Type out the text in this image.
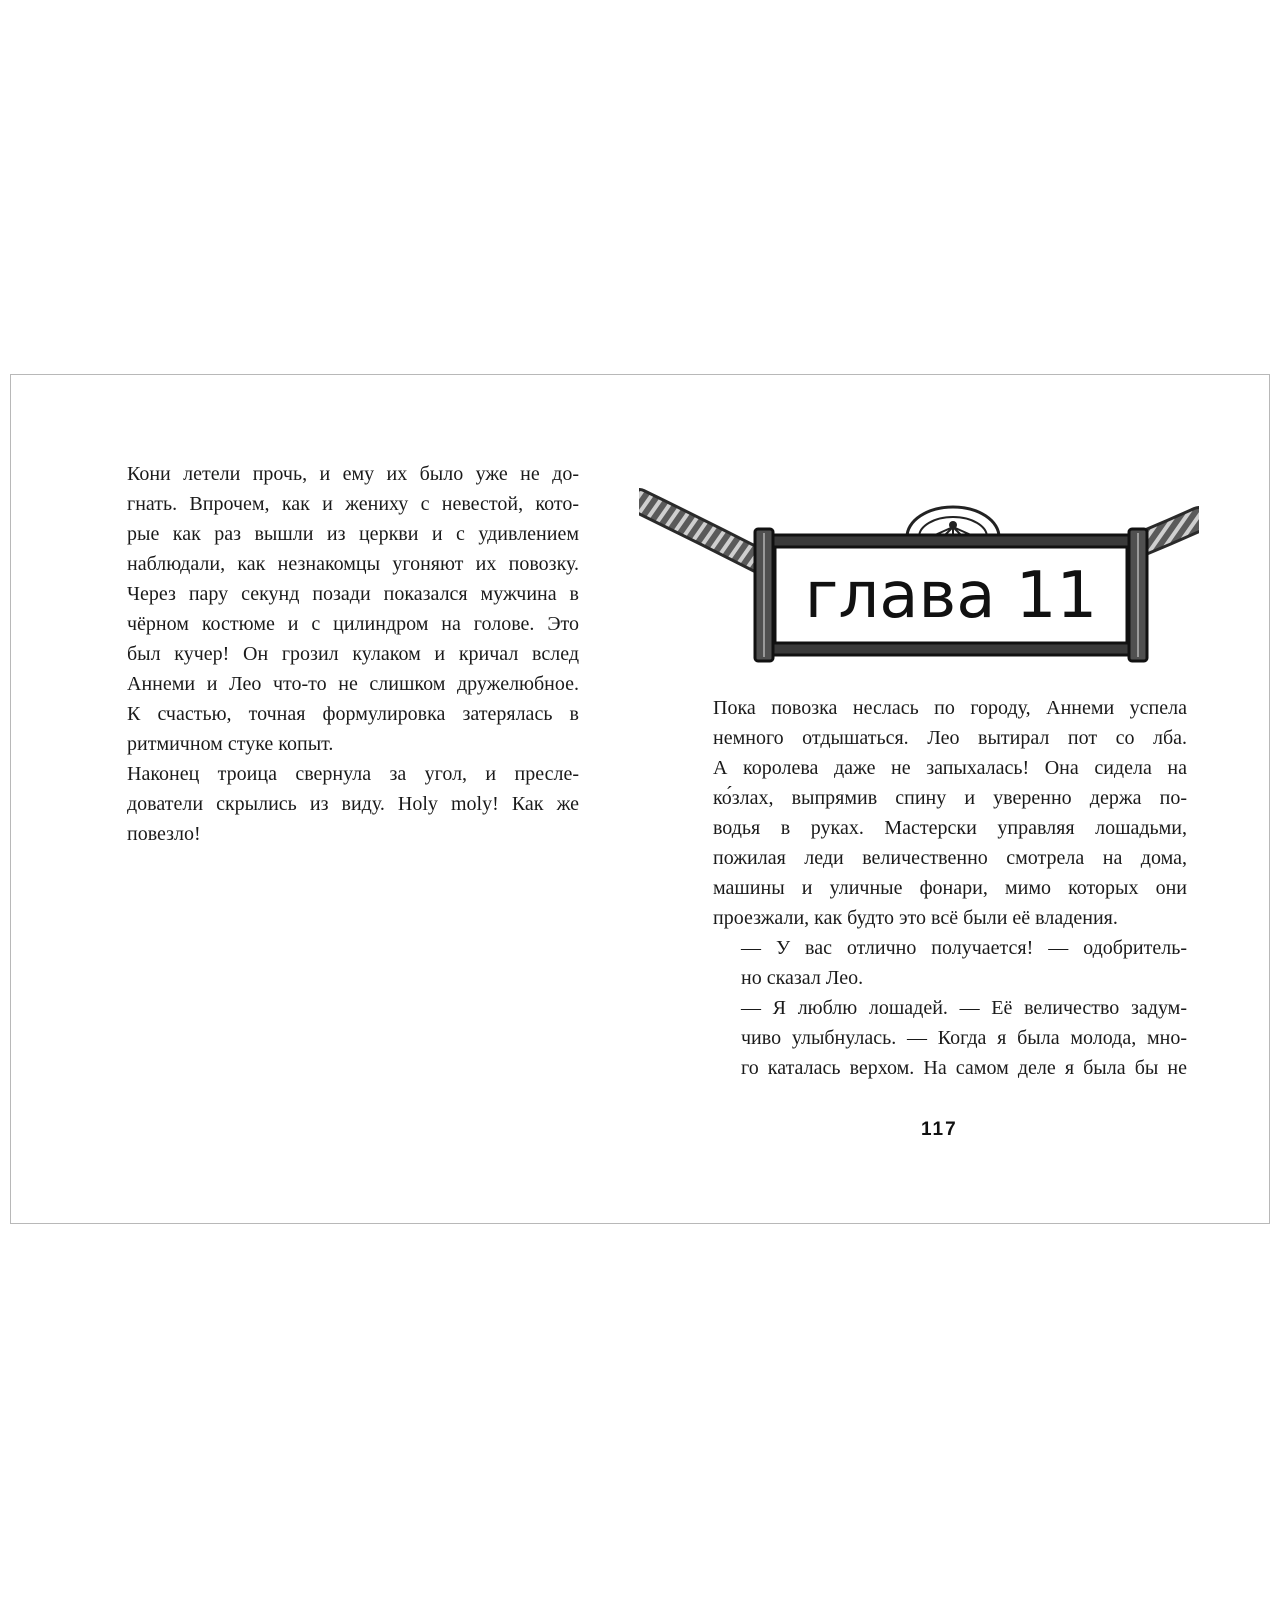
Кони летели прочь, и ему их было уже не до-
гнать. Впрочем, как и жениху с невестой, кото-
рые как раз вышли из церкви и с удивлением
наблюдали, как незнакомцы угоняют их повозку.
Через пару секунд позади показался мужчина в
чёрном костюме и с цилиндром на голове. Это
был кучер! Он грозил кулаком и кричал вслед
Аннеми и Лео что-то не слишком дружелюбное.
К счастью, точная формулировка затерялась в
ритмичном стуке копыт.

Наконец троица свернула за угол, и пресле-
дователи скрылись из виду. Holy moly! Как же
повезло!

глава 11

Пока повозка неслась по городу, Аннеми успела
немного отдышаться. Лео вытирал пот со лба.
А королева даже не запыхалась! Она сидела на
ко́злах, выпрямив спину и уверенно держа по-
водья в руках. Мастерски управляя лошадьми,
пожилая леди величественно смотрела на дома,
машины и уличные фонари, мимо которых они
проезжали, как будто это всё были её владения.

— У вас отлично получается! — одобритель-
но сказал Лео.

— Я люблю лошадей. — Её величество задум-
чиво улыбнулась. — Когда я была молода, мно-
го каталась верхом. На самом деле я была бы не

117
